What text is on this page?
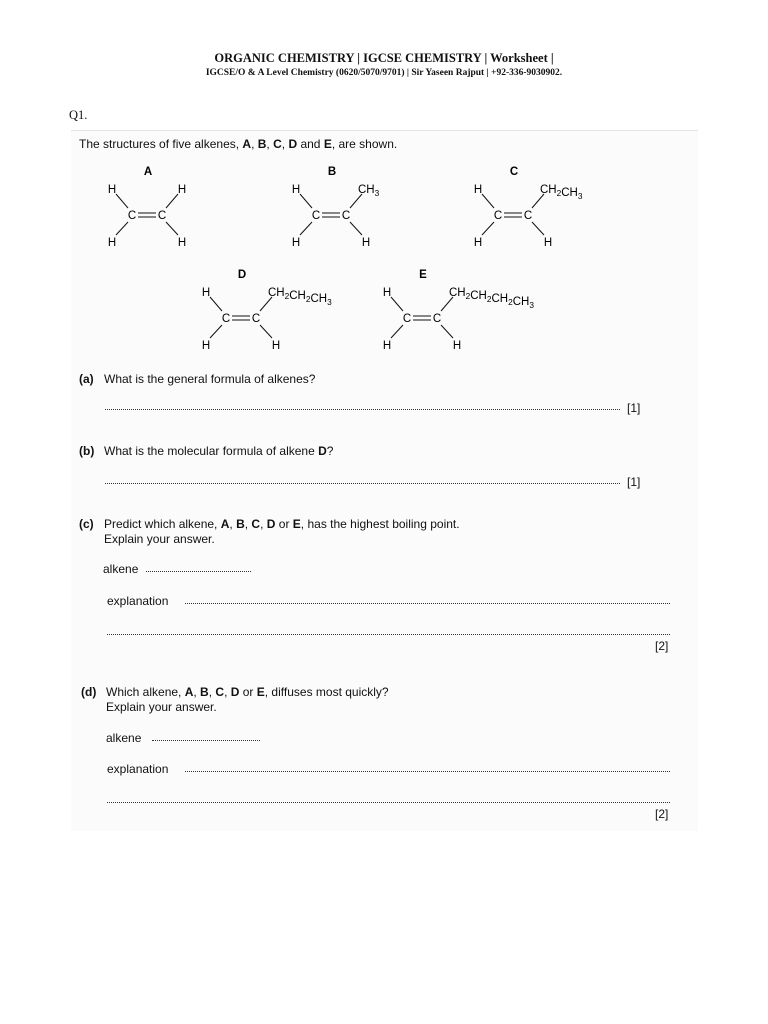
ORGANIC CHEMISTRY | IGCSE CHEMISTRY | Worksheet |
IGCSE/O & A Level Chemistry (0620/5070/9701) | Sir Yaseen Rajput | +92-336-9030902.
Q1.
The structures of five alkenes, A, B, C, D and E, are shown.
A
C C
H	H
H	H
B
C C
H	$CH_3$
H	H
C
C C
H	$CH_2CH_3$
H	H
D
C C
H	$CH_2CH_2CH_3$
H	H
E
C C
H	$CH_2CH_2CH_2CH_3$
H	H
(a) What is the general formula of alkenes?
[1]
(b) What is the molecular formula of alkene D?
[1]
(c) Predict which alkene, A, B, C, D or E, has the highest boiling point.
Explain your answer.
alkene
explanation
[2]
(d) Which alkene, A, B, C, D or E, diffuses most quickly?
Explain your answer.
alkene
explanation
[2]
